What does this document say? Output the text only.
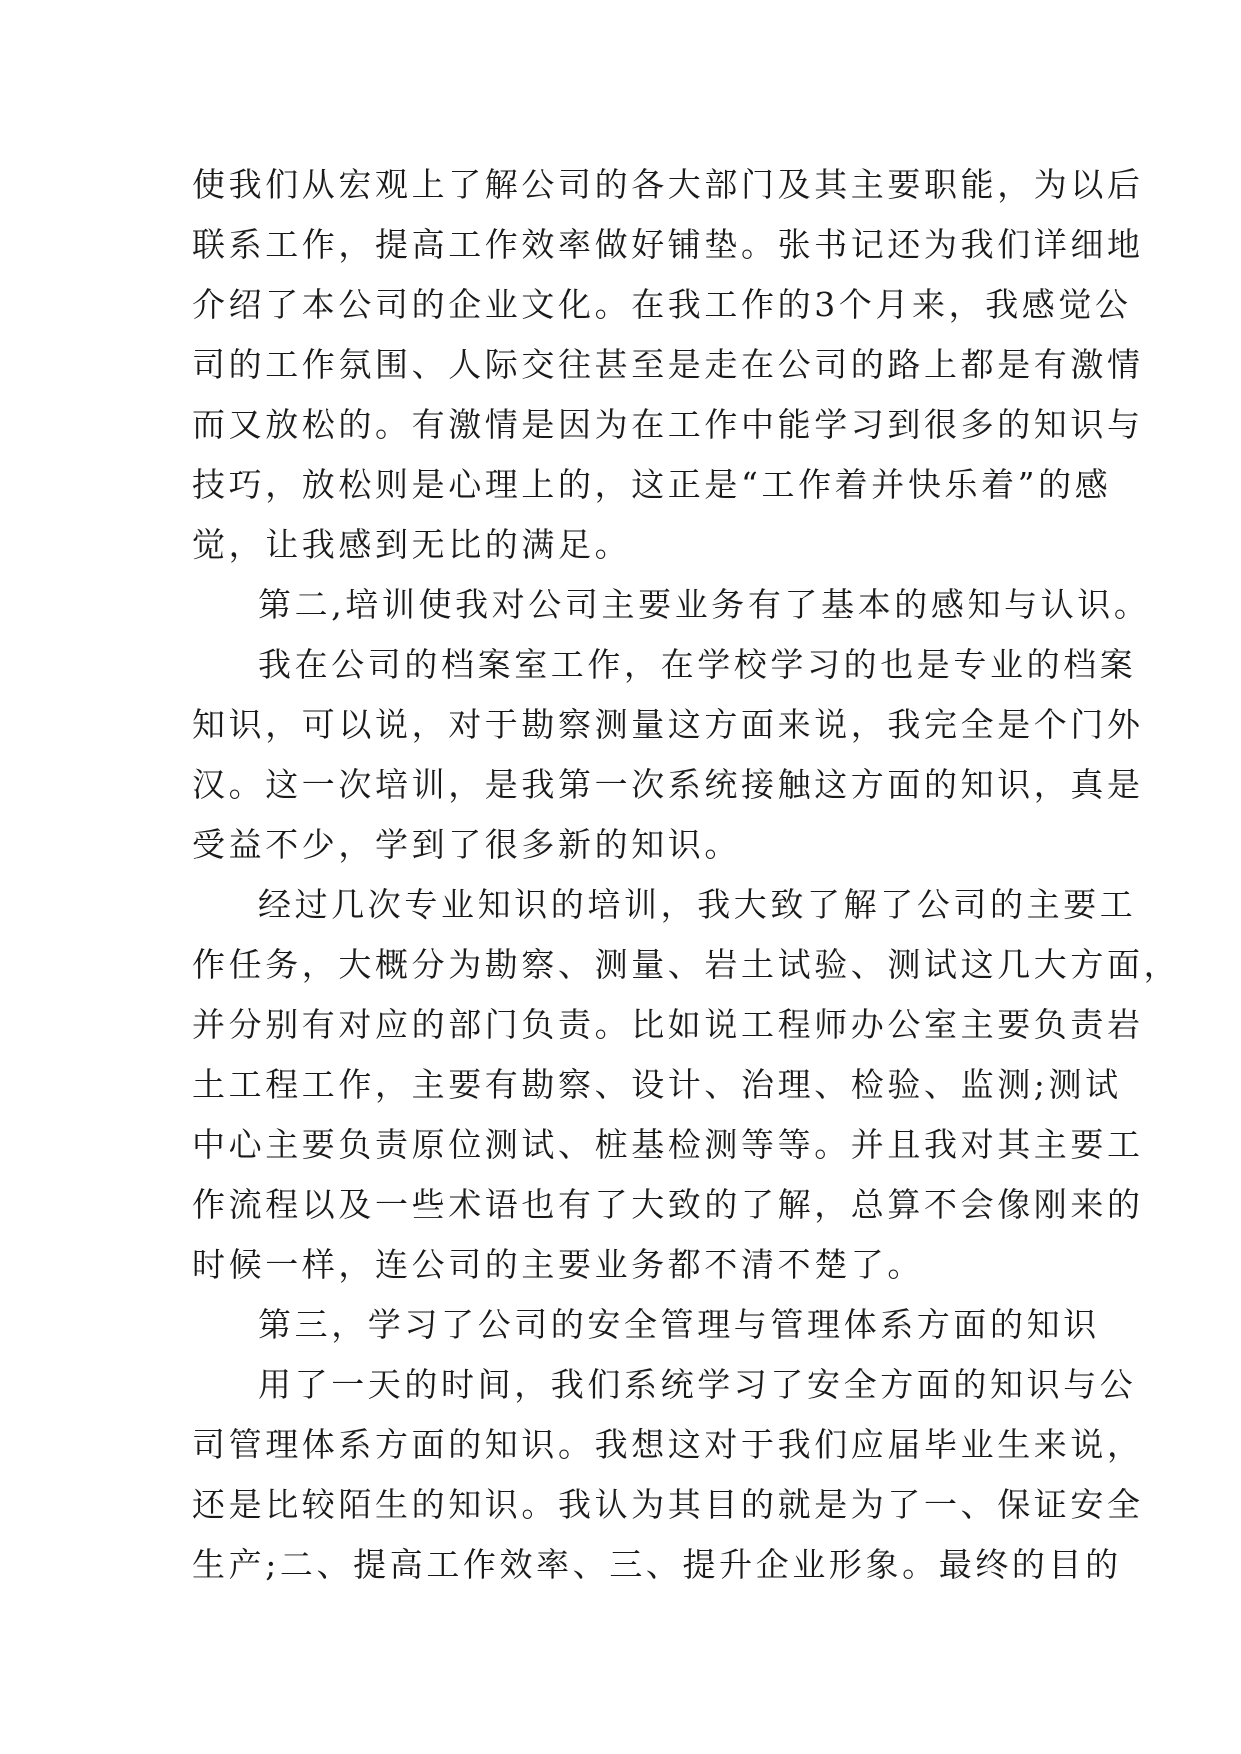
使我们从宏观上了解公司的各大部门及其主要职能，为以后
联系工作，提高工作效率做好铺垫。张书记还为我们详细地
介绍了本公司的企业文化。在我工作的3个月来，我感觉公
司的工作氛围、人际交往甚至是走在公司的路上都是有激情
而又放松的。有激情是因为在工作中能学习到很多的知识与
技巧，放松则是心理上的，这正是“工作着并快乐着”的感
觉，让我感到无比的满足。
第二,培训使我对公司主要业务有了基本的感知与认识。
我在公司的档案室工作，在学校学习的也是专业的档案
知识，可以说，对于勘察测量这方面来说，我完全是个门外
汉。这一次培训，是我第一次系统接触这方面的知识，真是
受益不少，学到了很多新的知识。
经过几次专业知识的培训，我大致了解了公司的主要工
作任务，大概分为勘察、测量、岩土试验、测试这几大方面，
并分别有对应的部门负责。比如说工程师办公室主要负责岩
土工程工作，主要有勘察、设计、治理、检验、监测;测试
中心主要负责原位测试、桩基检测等等。并且我对其主要工
作流程以及一些术语也有了大致的了解，总算不会像刚来的
时候一样，连公司的主要业务都不清不楚了。
第三，学习了公司的安全管理与管理体系方面的知识
用了一天的时间，我们系统学习了安全方面的知识与公
司管理体系方面的知识。我想这对于我们应届毕业生来说，
还是比较陌生的知识。我认为其目的就是为了一、保证安全
生产;二、提高工作效率、三、提升企业形象。最终的目的
